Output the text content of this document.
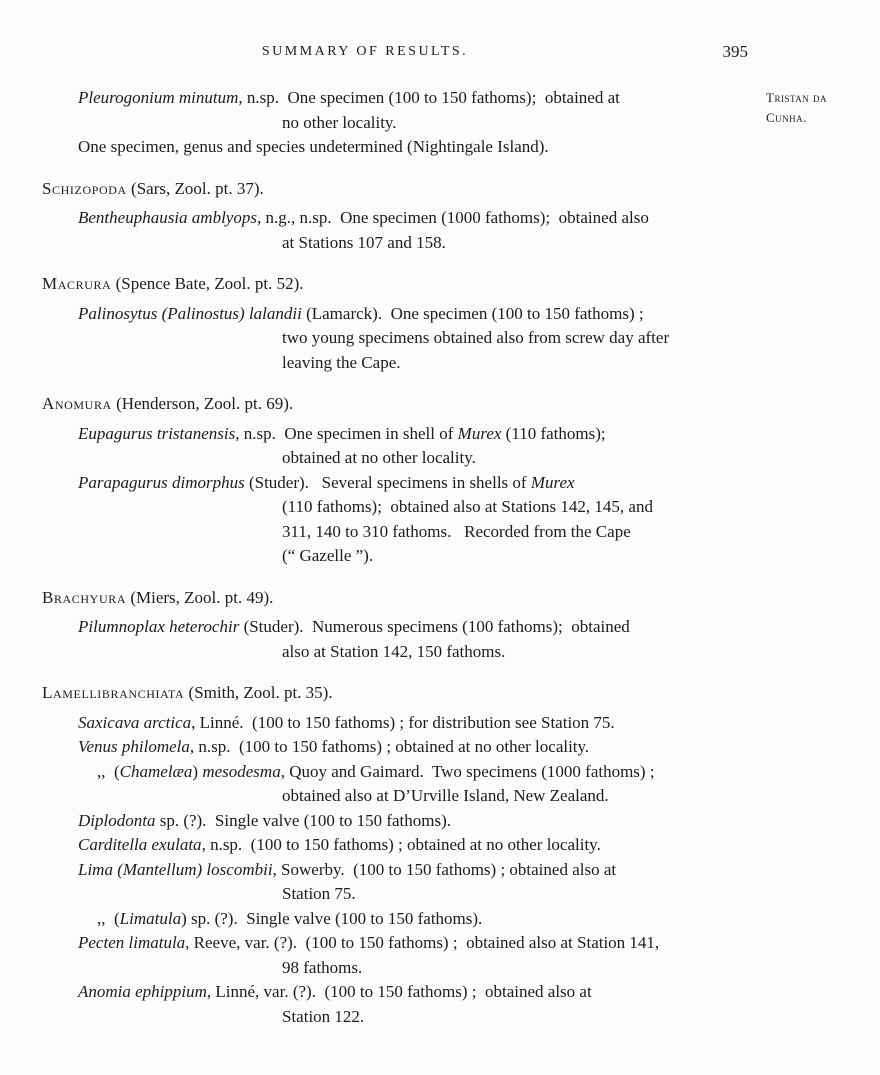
SUMMARY OF RESULTS.	395
Tristan da
Cunha.
Pleurogonium minutum, n.sp.  One specimen (100 to 150 fathoms);  obtained at
no other locality.
One specimen, genus and species undetermined (Nightingale Island).
Schizopoda (Sars, Zool. pt. 37).
Bentheuphausia amblyops, n.g., n.sp.  One specimen (1000 fathoms);  obtained also
at Stations 107 and 158.
Macrura (Spence Bate, Zool. pt. 52).
Palinosytus (Palinostus) lalandii (Lamarck).  One specimen (100 to 150 fathoms) ;
two young specimens obtained also from screw day after
leaving the Cape.
Anomura (Henderson, Zool. pt. 69).
Eupagurus tristanensis, n.sp.  One specimen in shell of Murex (110 fathoms);
obtained at no other locality.
Parapagurus dimorphus (Studer).   Several specimens in shells of Murex
(110 fathoms);  obtained also at Stations 142, 145, and
311, 140 to 310 fathoms.   Recorded from the Cape
(“ Gazelle ”).
Brachyura (Miers, Zool. pt. 49).
Pilumnoplax heterochir (Studer).  Numerous specimens (100 fathoms);  obtained
also at Station 142, 150 fathoms.
Lamellibranchiata (Smith, Zool. pt. 35).
Saxicava arctica, Linné.  (100 to 150 fathoms) ; for distribution see Station 75.
Venus philomela, n.sp.  (100 to 150 fathoms) ; obtained at no other locality.
,,  (Chamelæa) mesodesma, Quoy and Gaimard.  Two specimens (1000 fathoms) ;
obtained also at D’Urville Island, New Zealand.
Diplodonta sp. (?).  Single valve (100 to 150 fathoms).
Carditella exulata, n.sp.  (100 to 150 fathoms) ; obtained at no other locality.
Lima (Mantellum) loscombii, Sowerby.  (100 to 150 fathoms) ; obtained also at
Station 75.
,,  (Limatula) sp. (?).  Single valve (100 to 150 fathoms).
Pecten limatula, Reeve, var. (?).  (100 to 150 fathoms) ;  obtained also at Station 141,
98 fathoms.
Anomia ephippium, Linné, var. (?).  (100 to 150 fathoms) ;  obtained also at
Station 122.
